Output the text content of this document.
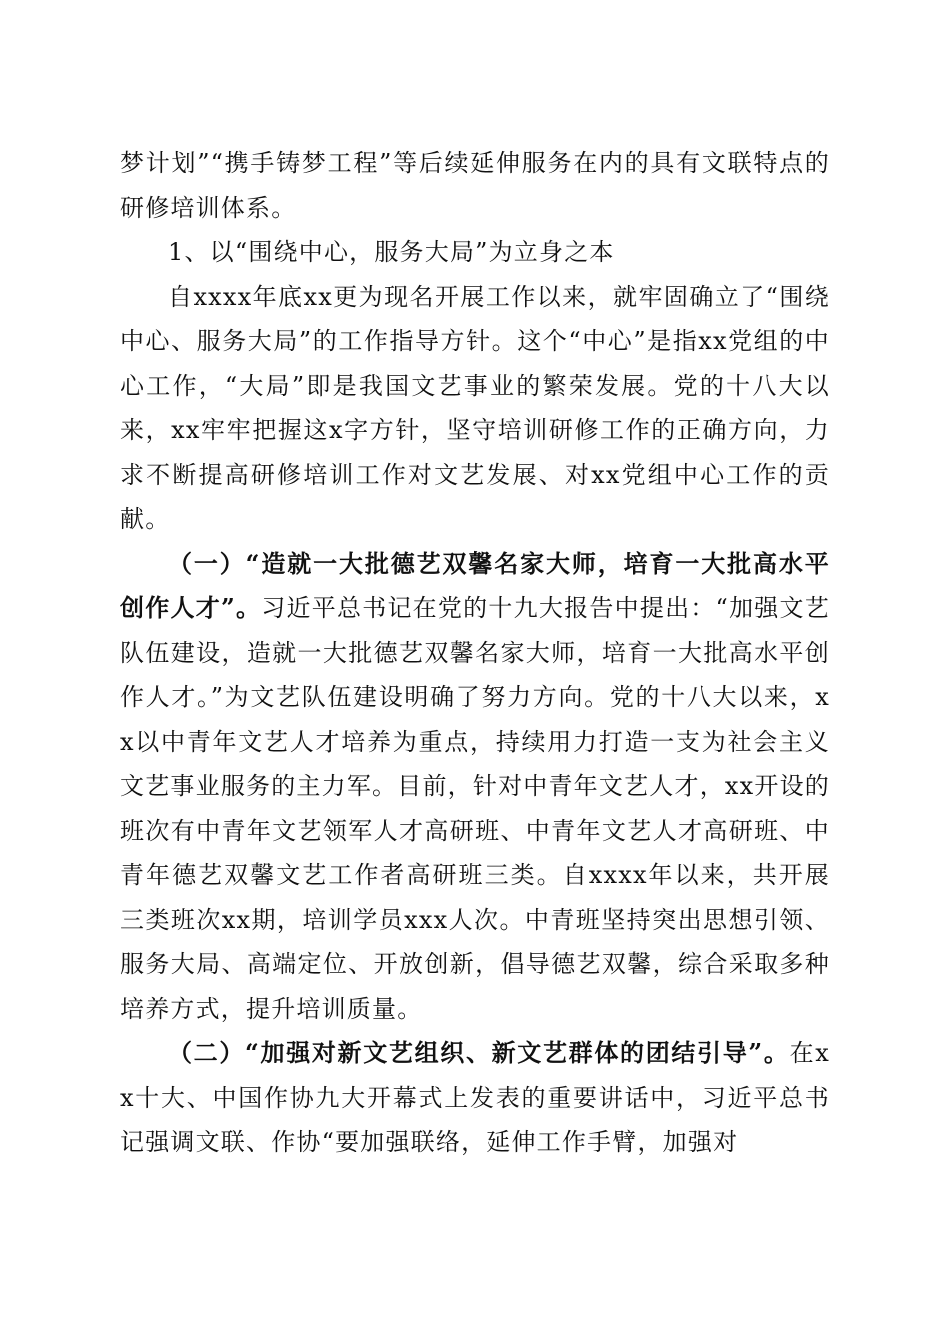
梦计划”“携手铸梦工程”等后续延伸服务在内的具有文联特点的研修培训体系。

1、以“围绕中心，服务大局”为立身之本

自xxxx年底xx更为现名开展工作以来，就牢固确立了“围绕中心、服务大局”的工作指导方针。这个“中心”是指xx党组的中心工作，“大局”即是我国文艺事业的繁荣发展。党的十八大以来，xx牢牢把握这x字方针，坚守培训研修工作的正确方向，力求不断提高研修培训工作对文艺发展、对xx党组中心工作的贡献。

（一）“造就一大批德艺双馨名家大师，培育一大批高水平创作人才”。习近平总书记在党的十九大报告中提出：“加强文艺队伍建设，造就一大批德艺双馨名家大师，培育一大批高水平创作人才。”为文艺队伍建设明确了努力方向。党的十八大以来，xx以中青年文艺人才培养为重点，持续用力打造一支为社会主义文艺事业服务的主力军。目前，针对中青年文艺人才，xx开设的班次有中青年文艺领军人才高研班、中青年文艺人才高研班、中青年德艺双馨文艺工作者高研班三类。自xxxx年以来，共开展三类班次xx期，培训学员xxx人次。中青班坚持突出思想引领、服务大局、高端定位、开放创新，倡导德艺双馨，综合采取多种培养方式，提升培训质量。

（二）“加强对新文艺组织、新文艺群体的团结引导”。在xx十大、中国作协九大开幕式上发表的重要讲话中，习近平总书记强调文联、作协“要加强联络，延伸工作手臂，加强对
